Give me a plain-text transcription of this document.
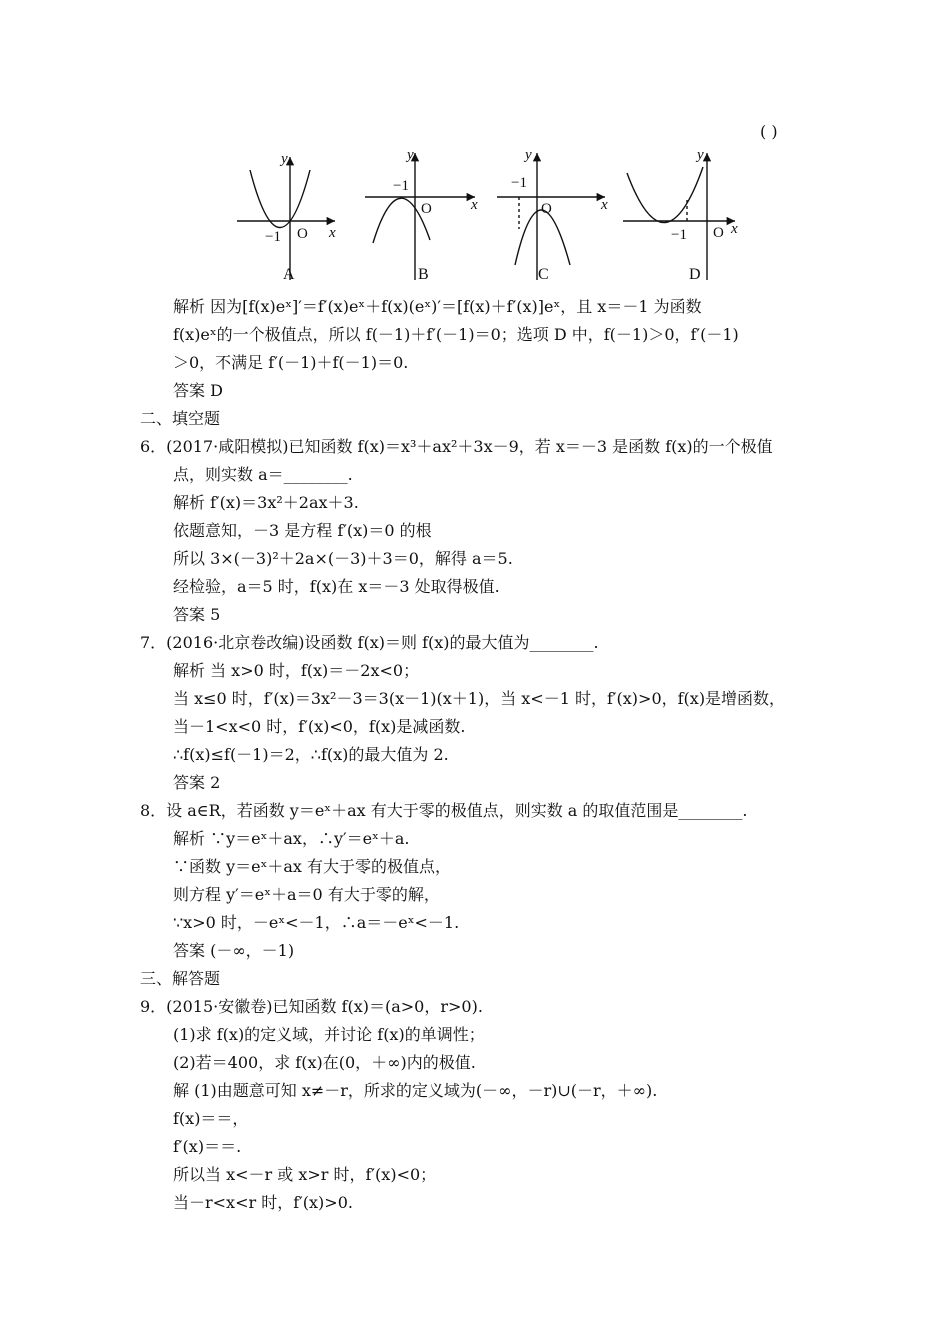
( )
y
x
O
−1
y
x
O
−1
y
x
O
−1
y
x
O
−1
A	B	C	D
解析 因为[f(x)eˣ]′＝f′(x)eˣ＋f(x)(eˣ)′＝[f(x)＋f′(x)]eˣ，且 x＝－1 为函数
f(x)eˣ的一个极值点，所以 f(－1)＋f′(－1)＝0；选项 D 中，f(－1)＞0，f′(－1)
＞0，不满足 f′(－1)＋f(－1)＝0.
答案 D
二、填空题
6．(2017·咸阳模拟)已知函数 f(x)＝x³＋ax²＋3x－9，若 x＝－3 是函数 f(x)的一个极值
点，则实数 a＝________.
解析 f′(x)＝3x²＋2ax＋3.
依题意知，－3 是方程 f′(x)＝0 的根
所以 3×(－3)²＋2a×(－3)＋3＝0，解得 a＝5.
经检验，a＝5 时，f(x)在 x＝－3 处取得极值.
答案 5
7．(2016·北京卷改编)设函数 f(x)＝则 f(x)的最大值为________.
解析 当 x>0 时，f(x)＝－2x<0；
当 x≤0 时，f′(x)＝3x²－3＝3(x－1)(x＋1)，当 x<－1 时，f′(x)>0，f(x)是增函数，
当－1<x<0 时，f′(x)<0，f(x)是减函数.
∴f(x)≤f(－1)＝2，∴f(x)的最大值为 2.
答案 2
8．设 a∈R，若函数 y＝eˣ＋ax 有大于零的极值点，则实数 a 的取值范围是________.
解析 ∵y＝eˣ＋ax，∴y′＝eˣ＋a.
∵函数 y＝eˣ＋ax 有大于零的极值点，
则方程 y′＝eˣ＋a＝0 有大于零的解，
∵x>0 时，－eˣ<－1，∴a＝－eˣ<－1.
答案 (－∞，－1)
三、解答题
9．(2015·安徽卷)已知函数 f(x)＝(a>0，r>0).
(1)求 f(x)的定义域，并讨论 f(x)的单调性；
(2)若＝400，求 f(x)在(0，＋∞)内的极值.
解 (1)由题意可知 x≠－r，所求的定义域为(－∞，－r)∪(－r，＋∞).
f(x)＝＝，
f′(x)＝＝.
所以当 x<－r 或 x>r 时，f′(x)<0；
当－r<x<r 时，f′(x)>0.
